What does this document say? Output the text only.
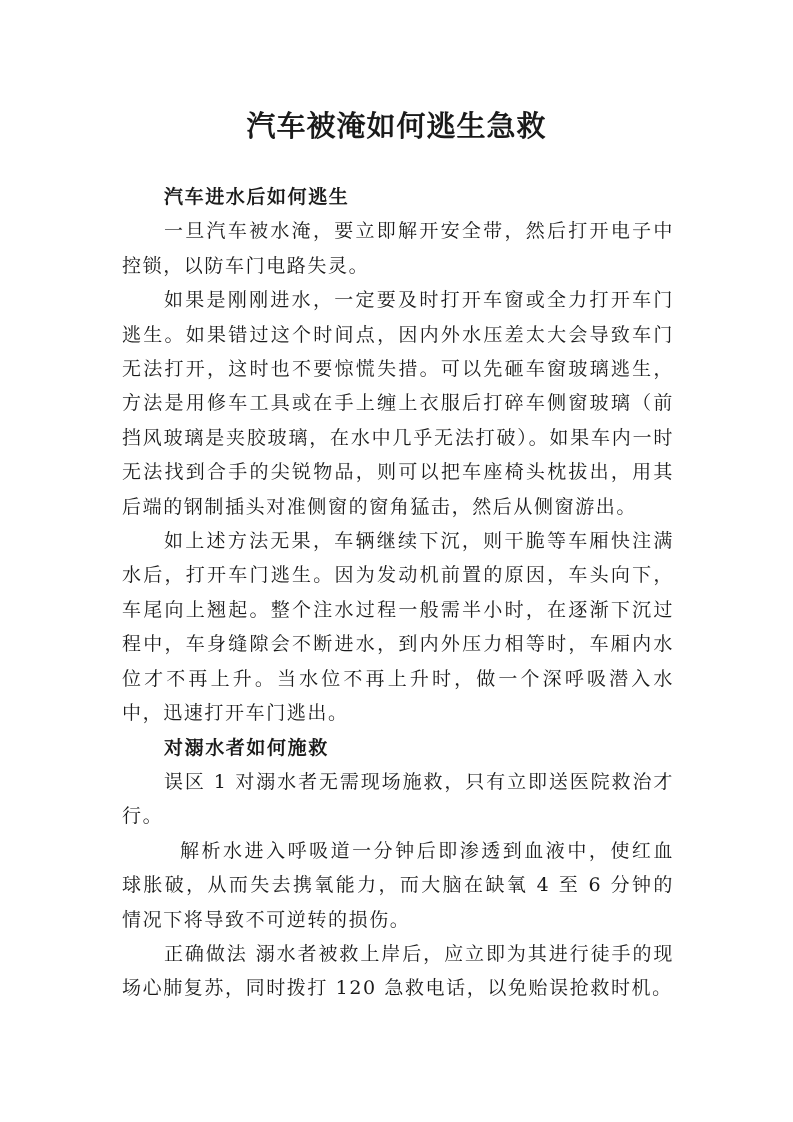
汽车被淹如何逃生急救

汽车进水后如何逃生

一旦汽车被水淹，要立即解开安全带，然后打开电子中控锁，以防车门电路失灵。

如果是刚刚进水，一定要及时打开车窗或全力打开车门逃生。如果错过这个时间点，因内外水压差太大会导致车门无法打开，这时也不要惊慌失措。可以先砸车窗玻璃逃生，方法是用修车工具或在手上缠上衣服后打碎车侧窗玻璃（前挡风玻璃是夹胶玻璃，在水中几乎无法打破）。如果车内一时无法找到合手的尖锐物品，则可以把车座椅头枕拔出，用其后端的钢制插头对准侧窗的窗角猛击，然后从侧窗游出。

如上述方法无果，车辆继续下沉，则干脆等车厢快注满水后，打开车门逃生。因为发动机前置的原因，车头向下，车尾向上翘起。整个注水过程一般需半小时，在逐渐下沉过程中，车身缝隙会不断进水，到内外压力相等时，车厢内水位才不再上升。当水位不再上升时，做一个深呼吸潜入水中，迅速打开车门逃出。

对溺水者如何施救

误区 1 对溺水者无需现场施救，只有立即送医院救治才行。

解析水进入呼吸道一分钟后即渗透到血液中，使红血球胀破，从而失去携氧能力，而大脑在缺氧 4 至 6 分钟的情况下将导致不可逆转的损伤。

正确做法 溺水者被救上岸后，应立即为其进行徒手的现场心肺复苏，同时拨打 120 急救电话，以免贻误抢救时机。
